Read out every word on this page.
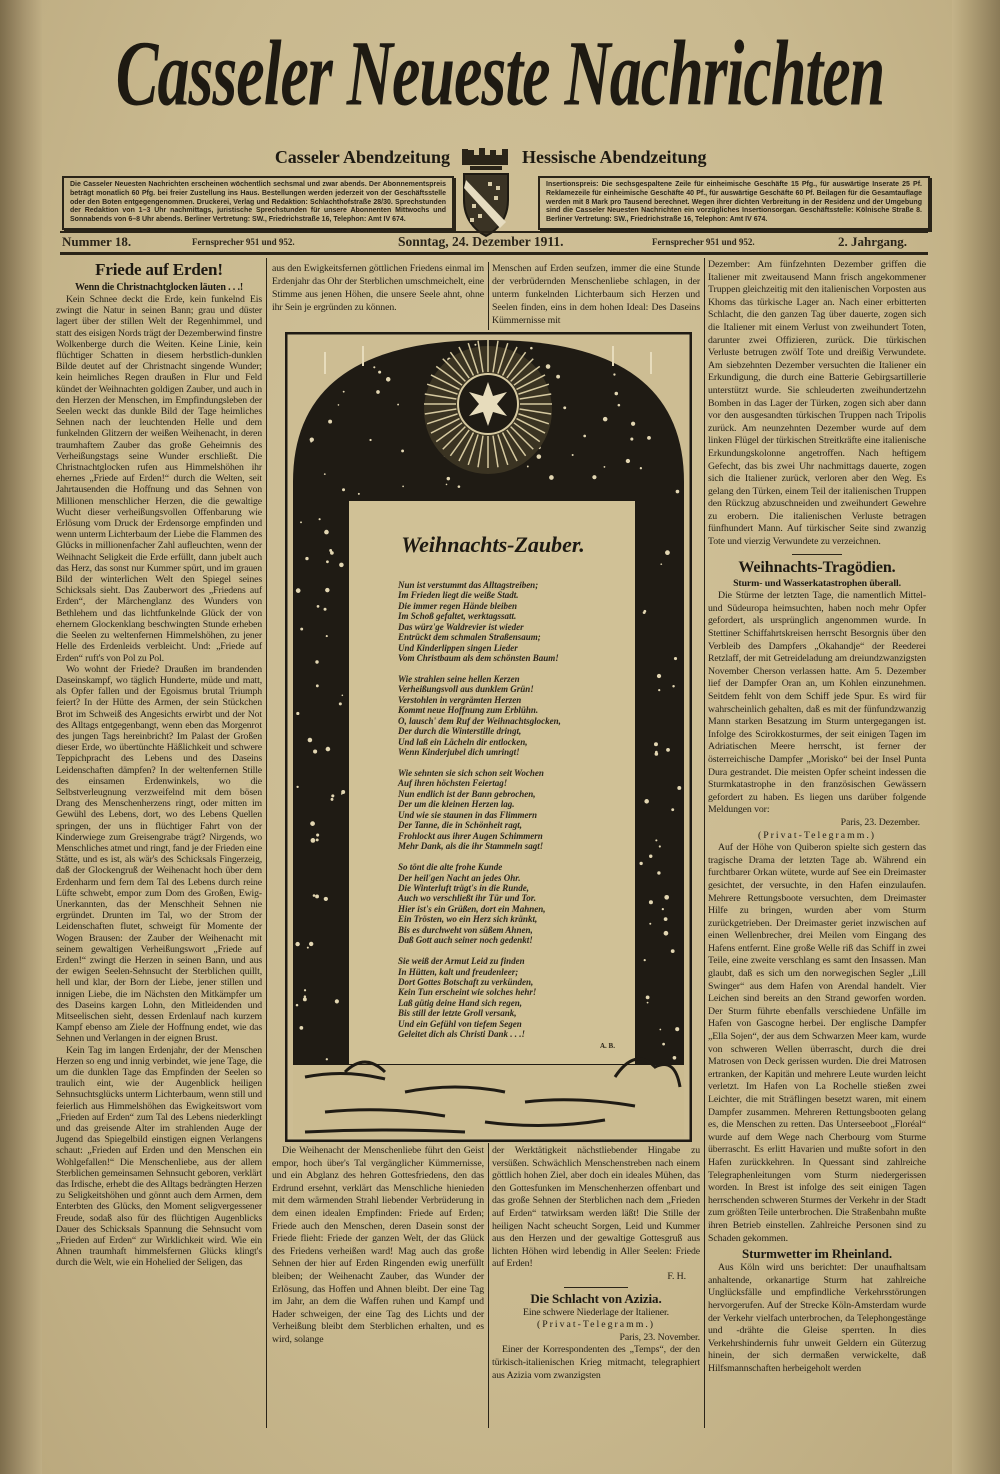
Casseler Neueste Nachrichten
Casseler Abendzeitung	Hessische Abendzeitung
Die Casseler Neuesten Nachrichten erscheinen wöchentlich sechsmal und zwar abends. Der Abonnementspreis beträgt monatlich 60 Pfg. bei freier Zustellung ins Haus. Bestellungen werden jederzeit von der Geschäftsstelle oder den Boten entgegengenommen. Druckerei, Verlag und Redaktion: Schlachthofstraße 28/30. Sprechstunden der Redaktion von 1–3 Uhr nachmittags, juristische Sprechstunden für unsere Abonnenten Mittwochs und Sonnabends von 6–8 Uhr abends. Berliner Vertretung: SW., Friedrichstraße 16, Telephon: Amt IV 674.
Insertionspreis: Die sechsgespaltene Zeile für einheimische Geschäfte 15 Pfg., für auswärtige Inserate 25 Pf. Reklamezeile für einheimische Geschäfte 40 Pf., für auswärtige Geschäfte 60 Pf. Beilagen für die Gesamtauflage werden mit 8 Mark pro Tausend berechnet. Wegen ihrer dichten Verbreitung in der Residenz und der Umgebung sind die Casseler Neuesten Nachrichten ein vorzügliches Insertionsorgan. Geschäftsstelle: Kölnische Straße 8. Berliner Vertretung: SW., Friedrichstraße 16, Telephon: Amt IV 674.
Nummer 18.	Fernsprecher 951 und 952.	Sonntag, 24. Dezember 1911.	Fernsprecher 951 und 952.	2. Jahrgang.
Friede auf Erden!
Wenn die Christnachtglocken läuten . . .!

Kein Schnee deckt die Erde, kein funkelnd Eis zwingt die Natur in seinen Bann; grau und düster lagert über der stillen Welt der Regenhimmel, und statt des eisigen Nords trägt der Dezemberwind finstre Wolkenberge durch die Weiten. Keine Linie, kein flüchtiger Schatten in diesem herbstlich-dunklen Bilde deutet auf der Christnacht singende Wunder; kein heimliches Regen draußen in Flur und Feld kündet der Weihnachten goldigen Zauber, und auch in den Herzen der Menschen, im Empfindungsleben der Seelen weckt das dunkle Bild der Tage heimliches Sehnen nach der leuchtenden Helle und dem funkelnden Glitzern der weißen Weihenacht, in deren traumhaftem Zauber das große Geheimnis des Verheißungstags seine Wunder erschließt. Die Christnachtglocken rufen aus Himmelshöhen ihr ehernes „Friede auf Erden!“ durch die Welten, seit Jahrtausenden die Hoffnung und das Sehnen von Millionen menschlicher Herzen, die die gewaltige Wucht dieser verheißungsvollen Offenbarung wie Erlösung vom Druck der Erdensorge empfinden und wenn unterm Lichterbaum der Liebe die Flammen des Glücks in millionenfacher Zahl aufleuchten, wenn der Weihnacht Seligkeit die Erde erfüllt, dann jubelt auch das Herz, das sonst nur Kummer spürt, und im grauen Bild der winterlichen Welt den Spiegel seines Schicksals sieht. Das Zauberwort des „Friedens auf Erden“, der Märchenglanz des Wunders von Bethlehem und das lichtfunkelnde Glück der von ehernem Glockenklang beschwingten Stunde erheben die Seelen zu weltenfernen Himmelshöhen, zu jener Helle des Erdenleids verbleicht. Und: „Friede auf Erden“ ruft's von Pol zu Pol.

Wo wohnt der Friede? Draußen im brandenden Daseinskampf, wo täglich Hunderte, müde und matt, als Opfer fallen und der Egoismus brutal Triumph feiert? In der Hütte des Armen, der sein Stückchen Brot im Schweiß des Angesichts erwirbt und der Not des Alltags entgegenbangt, wenn eben das Morgenrot des jungen Tags hereinbricht? Im Palast der Großen dieser Erde, wo übertünchte Häßlichkeit und schwere Teppichpracht des Lebens und des Daseins Leidenschaften dämpfen? In der weltenfernen Stille des einsamen Erdenwinkels, wo die Selbstverleugnung verzweifelnd mit dem bösen Drang des Menschenherzens ringt, oder mitten im Gewühl des Lebens, dort, wo des Lebens Quellen springen, der uns in flüchtiger Fahrt von der Kinderwiege zum Greisengrabe trägt? Nirgends, wo Menschliches atmet und ringt, fand je der Frieden eine Stätte, und es ist, als wär's des Schicksals Fingerzeig, daß der Glockengruß der Weihenacht hoch über dem Erdenharm und fern dem Tal des Lebens durch reine Lüfte schwebt, empor zum Dom des Großen, Ewig-Unerkannten, das der Menschheit Sehnen nie ergründet. Drunten im Tal, wo der Strom der Leidenschaften flutet, schweigt für Momente der Wogen Brausen: der Zauber der Weihenacht mit seinem gewaltigen Verheißungswort „Friede auf Erden!“ zwingt die Herzen in seinen Bann, und aus der ewigen Seelen-Sehnsucht der Sterblichen quillt, hell und klar, der Born der Liebe, jener stillen und innigen Liebe, die im Nächsten den Mitkämpfer um des Daseins kargen Lohn, den Mitleidenden und Mitseelischen sieht, dessen Erdenlauf nach kurzem Kampf ebenso am Ziele der Hoffnung endet, wie das Sehnen und Verlangen in der eignen Brust.

Kein Tag im langen Erdenjahr, der der Menschen Herzen so eng und innig verbindet, wie jene Tage, die um die dunklen Tage das Empfinden der Seelen so traulich eint, wie der Augenblick heiligen Sehnsuchtsglücks unterm Lichterbaum, wenn still und feierlich aus Himmelshöhen das Ewigkeitswort vom „Frieden auf Erden“ zum Tal des Lebens niederklingt und das greisende Alter im strahlenden Auge der Jugend das Spiegelbild einstigen eignen Verlangens schaut: „Frieden auf Erden und den Menschen ein Wohlgefallen!“ Die Menschenliebe, aus der allem Sterblichen gemeinsamen Sehnsucht geboren, verklärt das Irdische, erhebt die des Alltags bedrängten Herzen zu Seligkeitshöhen und gönnt auch dem Armen, dem Enterbten des Glücks, den Moment seligvergessener Freude, sodaß also für des flüchtigen Augenblicks Dauer des Schicksals Spannung die Sehnsucht vom „Frieden auf Erden“ zur Wirklichkeit wird. Wie ein Ahnen traumhaft himmelsfernen Glücks klingt's durch die Welt, wie ein Hohelied der Seligen, das

aus den Ewigkeitsfernen göttlichen Friedens einmal im Erdenjahr das Ohr der Sterblichen umschmeichelt, eine Stimme aus jenen Höhen, die unsere Seele ahnt, ohne ihr Sein je ergründen zu können.

Menschen auf Erden seufzen, immer die eine Stunde der verbrüdernden Menschenliebe schlagen, in der unterm funkelnden Lichterbaum sich Herzen und Seelen finden, eins in dem hohen Ideal: Des Daseins Kümmernisse mit

Weihnachts-Zauber.
Nun ist verstummt das Alltagstreiben;
Im Frieden liegt die weiße Stadt.
Die immer regen Hände bleiben
Im Schoß gefaltet, werktagssatt.
Das würz'ge Waldrevier ist wieder
Entrückt dem schmalen Straßensaum;
Und Kinderlippen singen Lieder
Vom Christbaum als dem schönsten Baum!
Wie strahlen seine hellen Kerzen
Verheißungsvoll aus dunklem Grün!
Verstohlen in vergrämten Herzen
Kommt neue Hoffnung zum Erblühn.
O, lausch' dem Ruf der Weihnachtsglocken,
Der durch die Winterstille dringt,
Und laß ein Lächeln dir entlocken,
Wenn Kinderjubel dich umringt!
Wie sehnten sie sich schon seit Wochen
Auf ihren höchsten Feiertag!
Nun endlich ist der Bann gebrochen,
Der um die kleinen Herzen lag.
Und wie sie staunen in das Flimmern
Der Tanne, die in Schönheit ragt,
Frohlockt aus ihrer Augen Schimmern
Mehr Dank, als die ihr Stammeln sagt!
So tönt die alte frohe Kunde
Der heil'gen Nacht an jedes Ohr.
Die Winterluft trägt's in die Runde,
Auch wo verschließt ihr Tür und Tor.
Hier ist's ein Grüßen, dort ein Mahnen,
Ein Trösten, wo ein Herz sich kränkt,
Bis es durchweht von süßem Ahnen,
Daß Gott auch seiner noch gedenkt!
Sie weiß der Armut Leid zu finden
In Hütten, kalt und freudenleer;
Dort Gottes Botschaft zu verkünden,
Kein Tun erscheint wie solches hehr!
Laß gütig deine Hand sich regen,
Bis still der letzte Groll versank,
Und ein Gefühl von tiefem Segen
Geleitet dich als Christi Dank . . .!
A. B.

Die Weihenacht der Menschenliebe führt den Geist empor, hoch über's Tal vergänglicher Kümmernisse, und ein Abglanz des hehren Gottesfriedens, den das Erdrund ersehnt, verklärt das Menschliche hienieden mit dem wärmenden Strahl liebender Verbrüderung in dem einen idealen Empfinden: Friede auf Erden; Friede auch den Menschen, deren Dasein sonst der Friede flieht: Friede der ganzen Welt, der das Glück des Friedens verheißen ward! Mag auch das große Sehnen der hier auf Erden Ringenden ewig unerfüllt bleiben; der Weihenacht Zauber, das Wunder der Erlösung, das Hoffen und Ahnen bleibt. Der eine Tag im Jahr, an dem die Waffen ruhen und Kampf und Hader schweigen, der eine Tag des Lichts und der Verheißung bleibt dem Sterblichen erhalten, und es wird, solange

der Werktätigkeit nächstliebender Hingabe zu versüßen. Schwächlich Menschenstreben nach einem göttlich hohen Ziel, aber doch ein ideales Mühen, das den Gottesfunken im Menschenherzen offenbart und das große Sehnen der Sterblichen nach dem „Frieden auf Erden“ tatwirksam werden läßt! Die Stille der heiligen Nacht scheucht Sorgen, Leid und Kummer aus den Herzen und der gewaltige Gottesgruß aus lichten Höhen wird lebendig in Aller Seelen: Friede auf Erden!

F. H.
Die Schlacht von Azizia.
Eine schwere Niederlage der Italiener.
(Privat-Telegramm.)
Paris, 23. November.

Einer der Korrespondenten des „Temps“, der den türkisch-italienischen Krieg mitmacht, telegraphiert aus Azizia vom zwanzigsten

Dezember: Am fünfzehnten Dezember griffen die Italiener mit zweitausend Mann frisch angekommener Truppen gleichzeitig mit den italienischen Vorposten aus Khoms das türkische Lager an. Nach einer erbitterten Schlacht, die den ganzen Tag über dauerte, zogen sich die Italiener mit einem Verlust von zweihundert Toten, darunter zwei Offizieren, zurück. Die türkischen Verluste betrugen zwölf Tote und dreißig Verwundete. Am siebzehnten Dezember versuchten die Italiener ein Erkundigung, die durch eine Batterie Gebirgsartillerie unterstützt wurde. Sie schleuderten zweihundertzehn Bomben in das Lager der Türken, zogen sich aber dann vor den ausgesandten türkischen Truppen nach Tripolis zurück. Am neunzehnten Dezember wurde auf dem linken Flügel der türkischen Streitkräfte eine italienische Erkundungskolonne angetroffen. Nach heftigem Gefecht, das bis zwei Uhr nachmittags dauerte, zogen sich die Italiener zurück, verloren aber den Weg. Es gelang den Türken, einem Teil der italienischen Truppen den Rückzug abzuschneiden und zweihundert Gewehre zu erobern. Die italienischen Verluste betragen fünfhundert Mann. Auf türkischer Seite sind zwanzig Tote und vierzig Verwundete zu verzeichnen.

Weihnachts-Tragödien.
Sturm- und Wasserkatastrophen überall.

Die Stürme der letzten Tage, die namentlich Mittel- und Südeuropa heimsuchten, haben noch mehr Opfer gefordert, als ursprünglich angenommen wurde. In Stettiner Schiffahrtskreisen herrscht Besorgnis über den Verbleib des Dampfers „Okahandje“ der Reederei Retzlaff, der mit Getreideladung am dreiundzwanzigsten November Cherson verlassen hatte. Am 5. Dezember lief der Dampfer Oran an, um Kohlen einzunehmen. Seitdem fehlt von dem Schiff jede Spur. Es wird für wahrscheinlich gehalten, daß es mit der fünfundzwanzig Mann starken Besatzung im Sturm untergegangen ist. Infolge des Scirokkosturmes, der seit einigen Tagen im Adriatischen Meere herrscht, ist ferner der österreichische Dampfer „Morisko“ bei der Insel Punta Dura gestrandet. Die meisten Opfer scheint indessen die Sturmkatastrophe in den französischen Gewässern gefordert zu haben. Es liegen uns darüber folgende Meldungen vor:

Paris, 23. Dezember.
(Privat-Telegramm.)

Auf der Höhe von Quiberon spielte sich gestern das tragische Drama der letzten Tage ab. Während ein furchtbarer Orkan wütete, wurde auf See ein Dreimaster gesichtet, der versuchte, in den Hafen einzulaufen. Mehrere Rettungsboote versuchten, dem Dreimaster Hilfe zu bringen, wurden aber vom Sturm zurückgetrieben. Der Dreimaster geriet inzwischen auf einen Wellenbrecher, drei Meilen vom Eingang des Hafens entfernt. Eine große Welle riß das Schiff in zwei Teile, eine zweite verschlang es samt den Insassen. Man glaubt, daß es sich um den norwegischen Segler „Lill Swinger“ aus dem Hafen von Arendal handelt. Vier Leichen sind bereits an den Strand geworfen worden. Der Sturm führte ebenfalls verschiedene Unfälle im Hafen von Gascogne herbei. Der englische Dampfer „Ella Sojen“, der aus dem Schwarzen Meer kam, wurde von schweren Wellen überrascht, durch die drei Matrosen von Deck gerissen wurden. Die drei Matrosen ertranken, der Kapitän und mehrere Leute wurden leicht verletzt. Im Hafen von La Rochelle stießen zwei Leichter, die mit Sträflingen besetzt waren, mit einem Dampfer zusammen. Mehreren Rettungsbooten gelang es, die Menschen zu retten. Das Unterseeboot „Floréal“ wurde auf dem Wege nach Cherbourg vom Sturme überrascht. Es erlitt Havarien und mußte sofort in den Hafen zurückkehren. In Quessant sind zahlreiche Telegraphenleitungen vom Sturm niedergerissen worden. In Brest ist infolge des seit einigen Tagen herrschenden schweren Sturmes der Verkehr in der Stadt zum größten Teile unterbrochen. Die Straßenbahn mußte ihren Betrieb einstellen. Zahlreiche Personen sind zu Schaden gekommen.

Sturmwetter im Rheinland.

Aus Köln wird uns berichtet: Der unaufhaltsam anhaltende, orkanartige Sturm hat zahlreiche Unglücksfälle und empfindliche Verkehrsstörungen hervorgerufen. Auf der Strecke Köln-Amsterdam wurde der Verkehr vielfach unterbrochen, da Telephongestänge und -drähte die Gleise sperrten. In dies Verkehrshindernis fuhr unweit Geldern ein Güterzug hinein, der sich dermaßen verwickelte, daß Hilfsmannschaften herbeigeholt werden
